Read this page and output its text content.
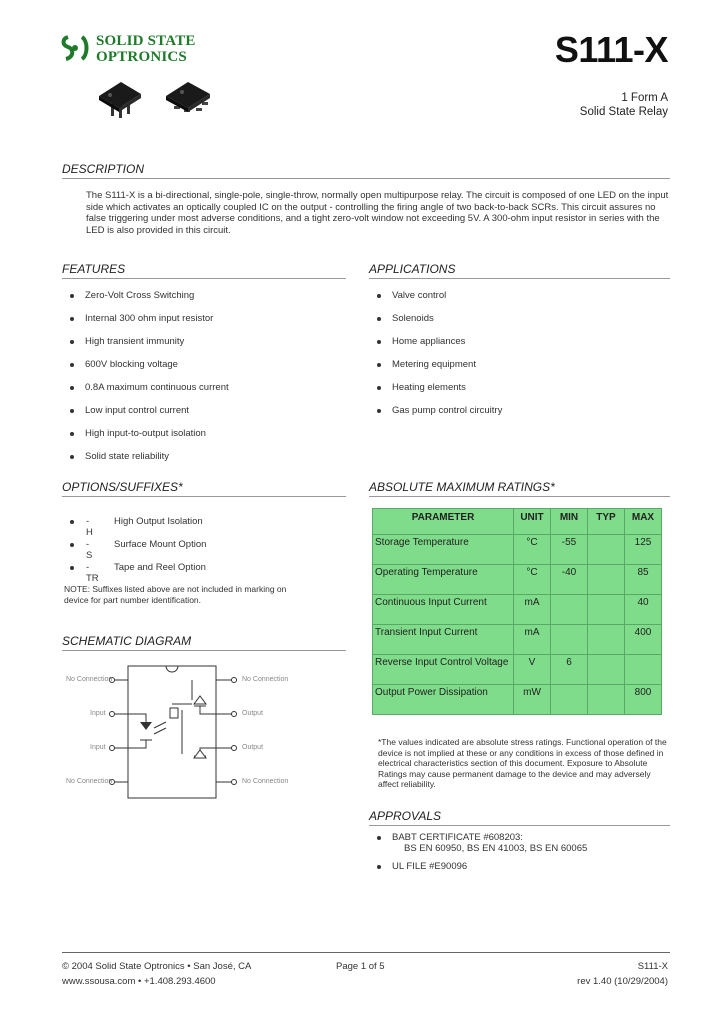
SOLID STATE
OPTRONICS	S111-X
1 Form A
Solid State Relay
DESCRIPTION
The S111-X is a bi-directional, single-pole, single-throw, normally open multipurpose relay. The circuit is composed of one LED on the input side which activates an optically coupled IC on the output - controlling the firing angle of two back-to-back SCRs. This circuit assures no false triggering under most adverse conditions, and a tight zero-volt window not exceeding 5V. A 300-ohm input resistor in series with the LED is also provided in this circuit.
FEATURES
Zero-Volt Cross Switching
Internal 300 ohm input resistor
High transient immunity
600V blocking voltage
0.8A maximum continuous current
Low input control current
High input-to-output isolation
Solid state reliability
APPLICATIONS
Valve control
Solenoids
Home appliances
Metering equipment
Heating elements
Gas pump control circuitry
OPTIONS/SUFFIXES*
-H
High Output Isolation
-S
Surface Mount Option
-TR
Tape and Reel Option
NOTE: Suffixes listed above are not included in marking on device for part number identification.
SCHEMATIC DIAGRAM
No Connection
Input
Input
No Connection
No Connection
Output
Output
No Connection
ABSOLUTE MAXIMUM RATINGS*
PARAMETER	UNIT	MIN	TYP	MAX
Storage Temperature	°C	-55		125
Operating Temperature	°C	-40		85
Continuous Input Current	mA			40
Transient Input Current	mA			400
Reverse Input Control Voltage	V	6		
Output Power Dissipation	mW			800
*The values indicated are absolute stress ratings. Functional operation of the device is not implied at these or any conditions in excess of those defined in electrical characteristics section of this document. Exposure to Absolute Ratings may cause permanent damage to the device and may adversely affect reliability.
APPROVALS
BABT CERTIFICATE #608203:
BS EN 60950, BS EN 41003, BS EN 60065
UL FILE #E90096
© 2004 Solid State Optronics • San José, CA
www.ssousa.com • +1.408.293.4600
Page 1 of 5	S111-X
rev 1.40 (10/29/2004)
